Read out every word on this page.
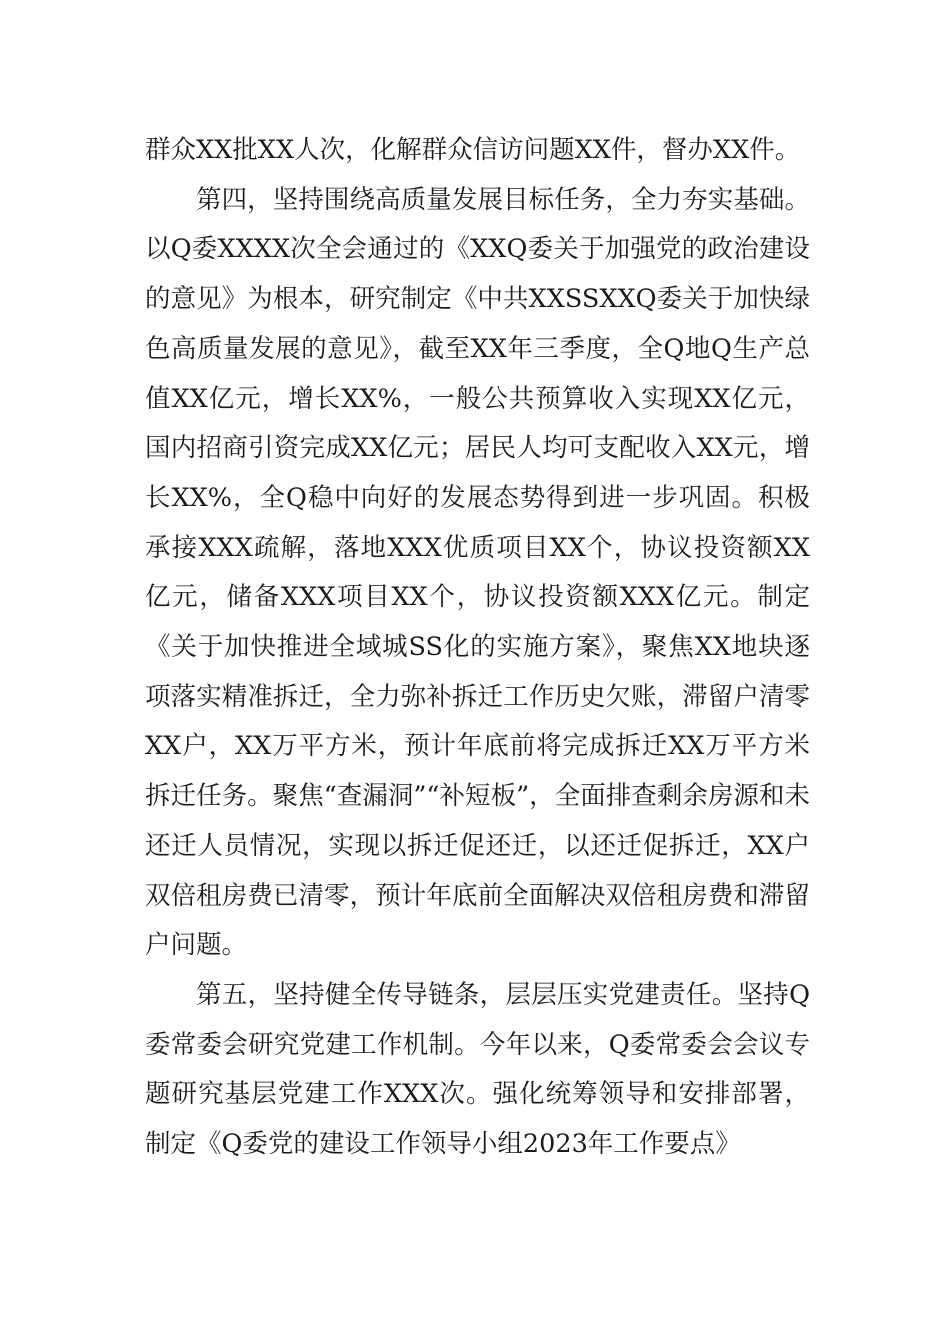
群众XX批XX人次，化解群众信访问题XX件，督办XX件。

第四，坚持围绕高质量发展目标任务，全力夯实基础。以Q委XXXX次全会通过的《XXQ委关于加强党的政治建设的意见》为根本，研究制定《中共XXSSXXQ委关于加快绿色高质量发展的意见》，截至XX年三季度，全Q地Q生产总值XX亿元，增长XX%，一般公共预算收入实现XX亿元，国内招商引资完成XX亿元；居民人均可支配收入XX元，增长XX%，全Q稳中向好的发展态势得到进一步巩固。积极承接XXX疏解，落地XXX优质项目XX个，协议投资额XX亿元，储备XXX项目XX个，协议投资额XXX亿元。制定《关于加快推进全域城SS化的实施方案》，聚焦XX地块逐项落实精准拆迁，全力弥补拆迁工作历史欠账，滞留户清零XX户，XX万平方米，预计年底前将完成拆迁XX万平方米拆迁任务。聚焦“查漏洞”“补短板”，全面排查剩余房源和未还迁人员情况，实现以拆迁促还迁，以还迁促拆迁，XX户双倍租房费已清零，预计年底前全面解决双倍租房费和滞留户问题。

第五，坚持健全传导链条，层层压实党建责任。坚持Q委常委会研究党建工作机制。今年以来，Q委常委会会议专题研究基层党建工作XXX次。强化统筹领导和安排部署，制定《Q委党的建设工作领导小组2023年工作要点》
